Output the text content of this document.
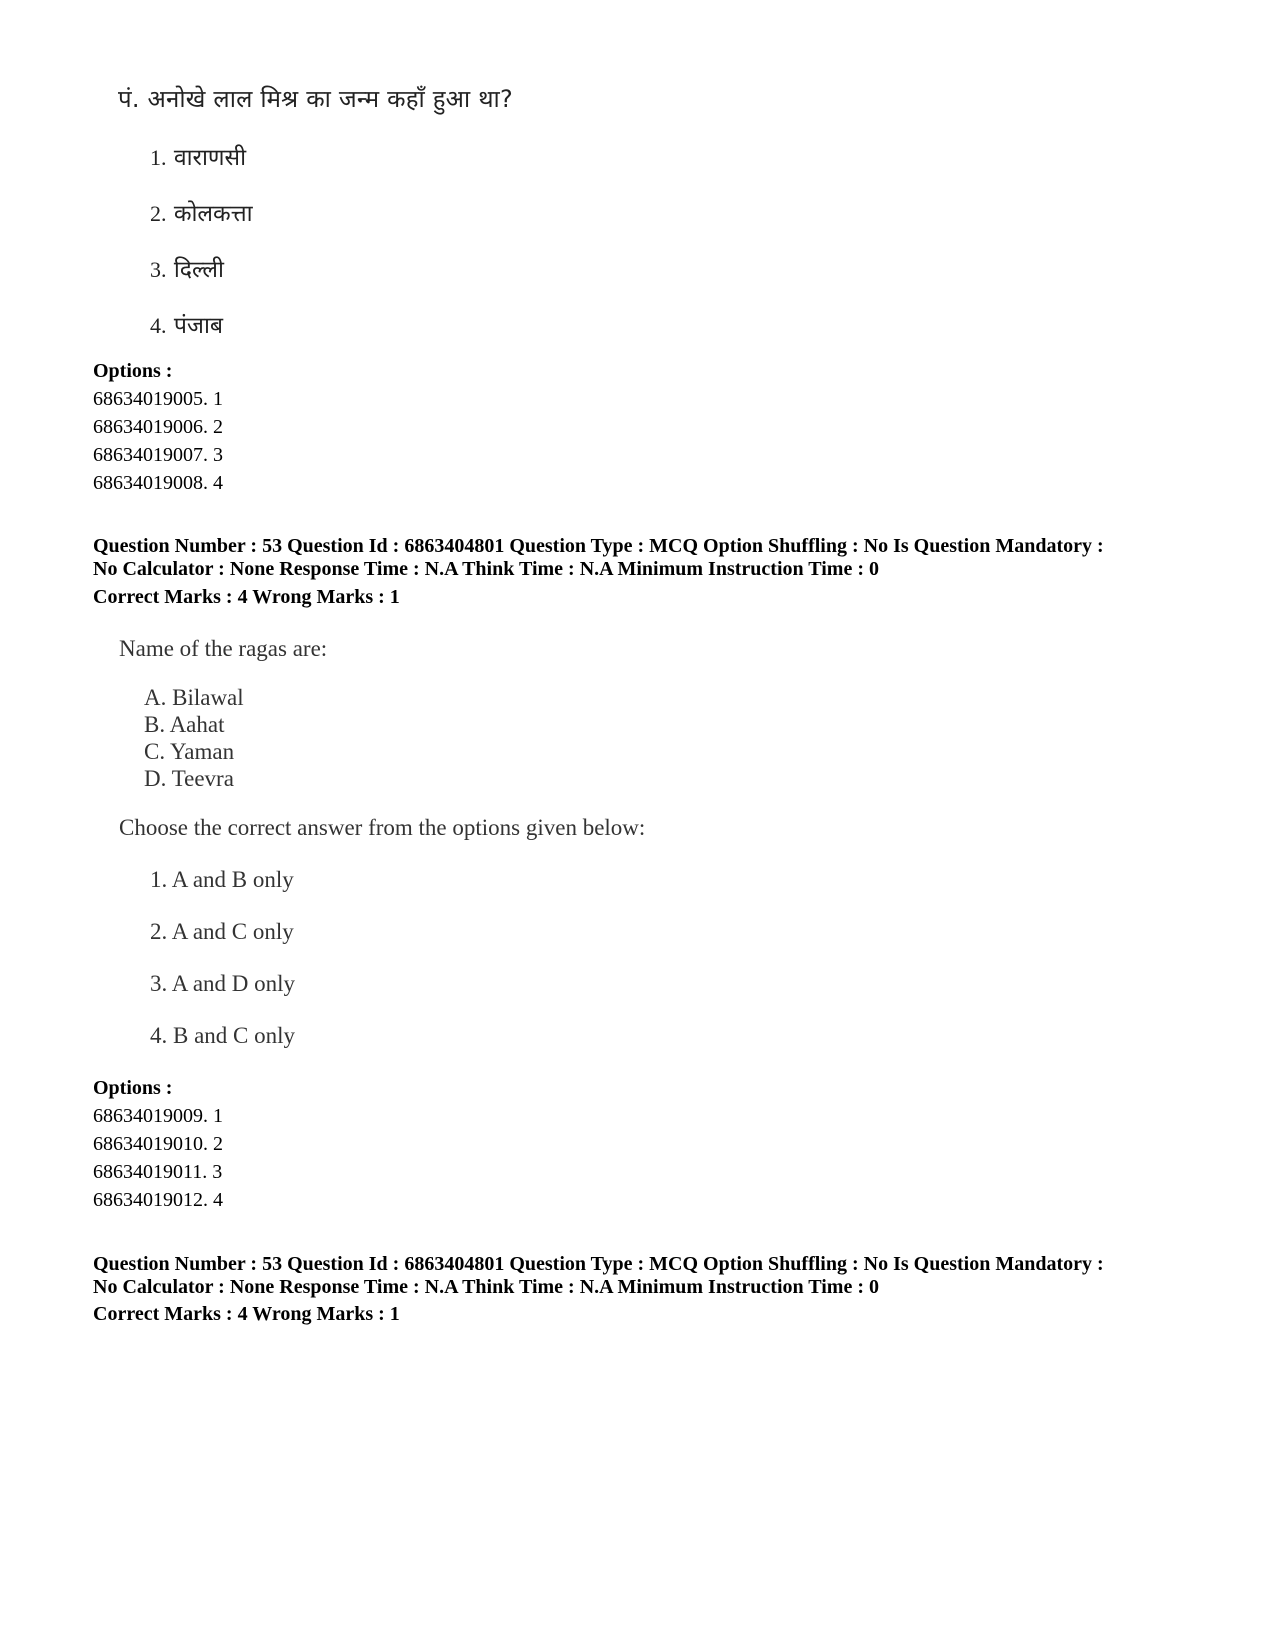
पं. अनोखे लाल मिश्र का जन्म कहाँ हुआ था?
1. वाराणसी
2. कोलकत्ता
3. दिल्ली
4. पंजाब
Options :
68634019005. 1
68634019006. 2
68634019007. 3
68634019008. 4
Question Number : 53 Question Id : 6863404801 Question Type : MCQ Option Shuffling : No Is Question Mandatory :
No Calculator : None Response Time : N.A Think Time : N.A Minimum Instruction Time : 0
Correct Marks : 4 Wrong Marks : 1
Name of the ragas are:
A. Bilawal
B. Aahat
C. Yaman
D. Teevra
Choose the correct answer from the options given below:
1. A and B only
2. A and C only
3. A and D only
4. B and C only
Options :
68634019009. 1
68634019010. 2
68634019011. 3
68634019012. 4
Question Number : 53 Question Id : 6863404801 Question Type : MCQ Option Shuffling : No Is Question Mandatory :
No Calculator : None Response Time : N.A Think Time : N.A Minimum Instruction Time : 0
Correct Marks : 4 Wrong Marks : 1
